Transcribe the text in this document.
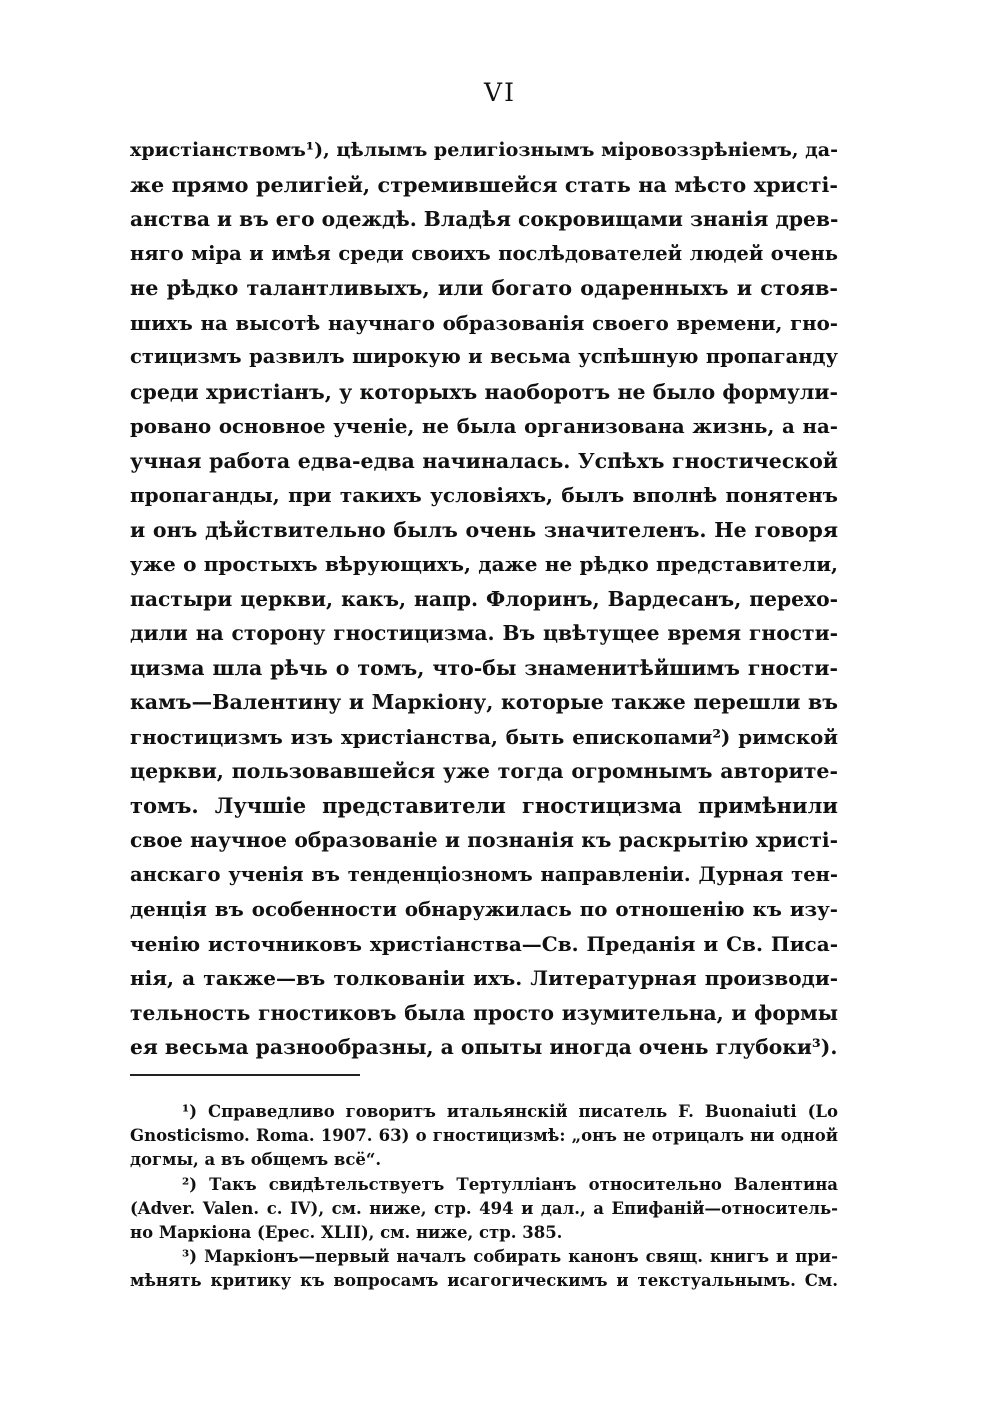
VI
христіанствомъ¹), цѣлымъ религіознымъ міровоззрѣніемъ, да-
же прямо религіей, стремившейся стать на мѣсто христі-
анства и въ его одеждѣ. Владѣя сокровищами знанія древ-
няго міра и имѣя среди своихъ послѣдователей людей очень
не рѣдко талантливыхъ, или богато одаренныхъ и стояв-
шихъ на высотѣ научнаго образованія своего времени, гно-
стицизмъ развилъ широкую и весьма успѣшную пропаганду
среди христіанъ, у которыхъ наоборотъ не было формули-
ровано основное ученіе, не была организована жизнь, а на-
учная работа едва-едва начиналась. Успѣхъ гностической
пропаганды, при такихъ условіяхъ, былъ вполнѣ понятенъ
и онъ дѣйствительно былъ очень значителенъ. Не говоря
уже о простыхъ вѣрующихъ, даже не рѣдко представители,
пастыри церкви, какъ, напр. Флоринъ, Вардесанъ, перехо-
дили на сторону гностицизма. Въ цвѣтущее время гности-
цизма шла рѣчь о томъ, что-бы знаменитѣйшимъ гности-
камъ—Валентину и Маркіону, которые также перешли въ
гностицизмъ изъ христіанства, быть епископами²) римской
церкви, пользовавшейся уже тогда огромнымъ авторите-
томъ. Лучшіе представители гностицизма примѣнили
свое научное образованіе и познанія къ раскрытію христі-
анскаго ученія въ тенденціозномъ направленіи. Дурная тен-
денція въ особенности обнаружилась по отношенію къ изу-
ченію источниковъ христіанства—Св. Преданія и Св. Писа-
нія, а также—въ толкованіи ихъ. Литературная производи-
тельность гностиковъ была просто изумительна, и формы
ея весьма разнообразны, а опыты иногда очень глубоки³).
¹) Справедливо говоритъ итальянскій писатель F. Buonaiuti (Lo
Gnosticismo. Roma. 1907. 63) о гностицизмѣ: „онъ не отрицалъ ни одной
догмы, а въ общемъ всё“.
²) Такъ свидѣтельствуетъ Тертулліанъ относительно Валентина
(Adver. Valen. c. IV), см. ниже, стр. 494 и дал., а Епифаній—относитель-
но Маркіона (Epec. XLII), см. ниже, стр. 385.
³) Маркіонъ—первый началъ собирать канонъ свящ. книгъ и при-
мѣнять критику къ вопросамъ исагогическимъ и текстуальнымъ. См.
